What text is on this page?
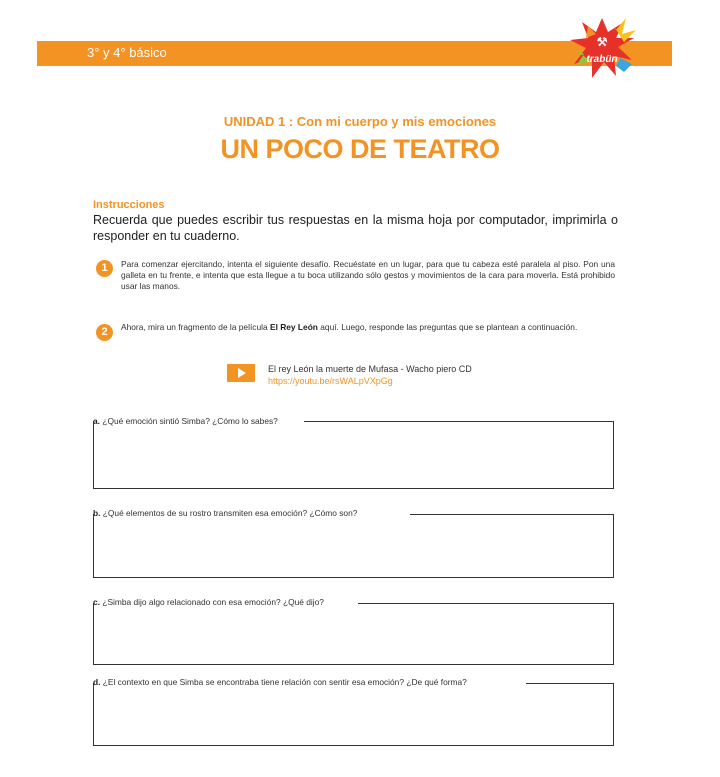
3° y 4° básico
⚒
trabün
UNIDAD 1 : Con mi cuerpo y mis emociones
UN POCO DE TEATRO
Instrucciones
Recuerda que puedes escribir tus respuestas en la misma hoja por computador, imprimirla o responder en tu cuaderno.
1	Para comenzar ejercitando, intenta el siguiente desafío. Recuéstate en un lugar, para que tu cabeza esté paralela al piso. Pon una galleta en tu frente, e intenta que esta llegue a tu boca utilizando sólo gestos y movimientos de la cara para moverla. Está prohibido usar las manos.
2	Ahora, mira un fragmento de la película El Rey León aquí. Luego, responde las preguntas que se plantean a continuación.
El rey León la muerte de Mufasa - Wacho piero CD
https://youtu.be/rsWALpVXpGg
a. ¿Qué emoción sintió Simba? ¿Cómo lo sabes?
b. ¿Qué elementos de su rostro transmiten esa emoción? ¿Cómo son?
c. ¿Simba dijo algo relacionado con esa emoción? ¿Qué dijo?
d. ¿El contexto en que Simba se encontraba tiene relación con sentir esa emoción? ¿De qué forma?
